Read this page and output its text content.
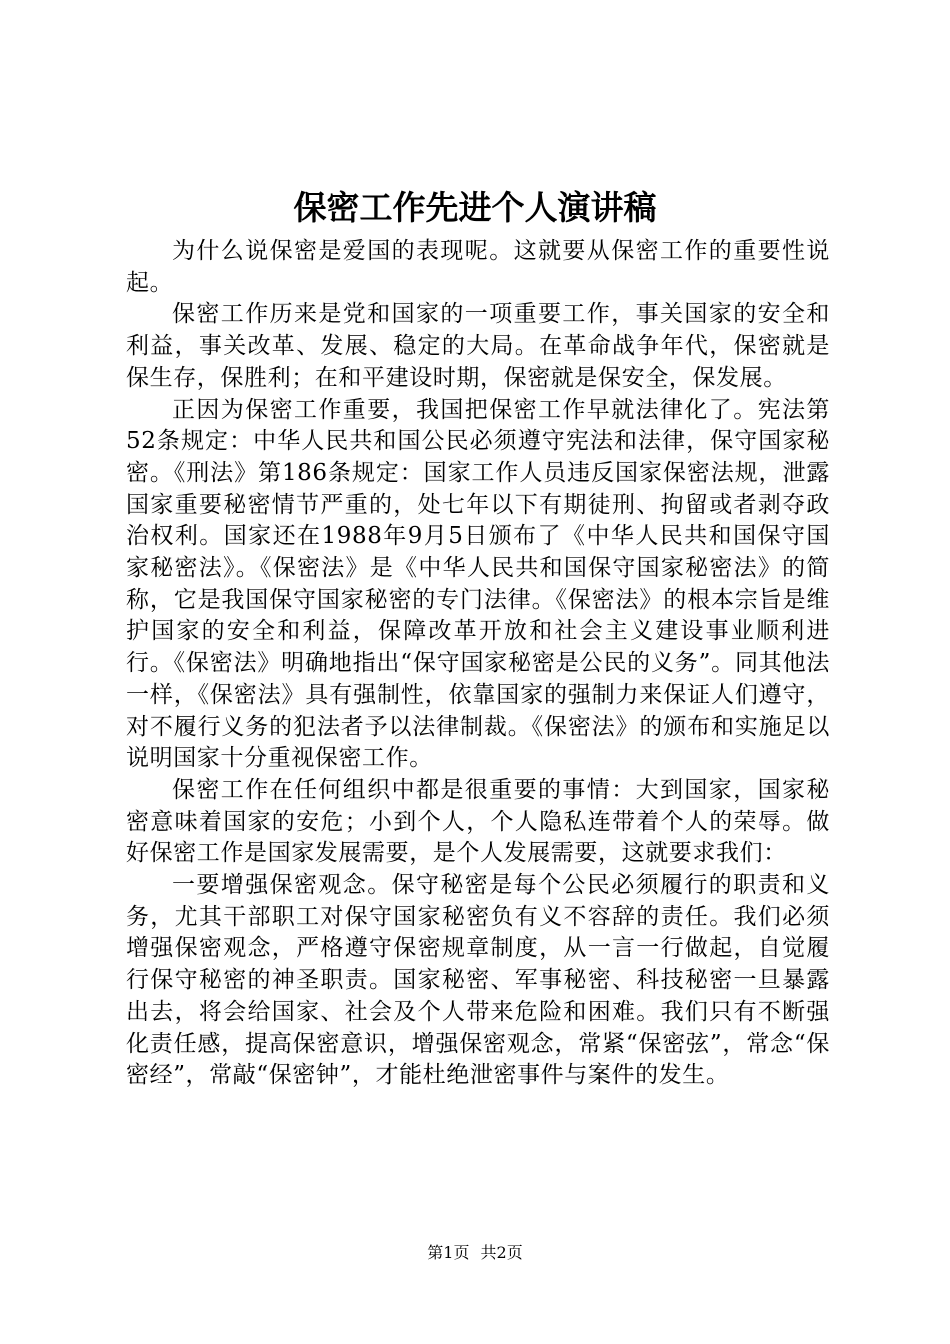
保密工作先进个人演讲稿

为什么说保密是爱国的表现呢。这就要从保密工作的重要性说起。

保密工作历来是党和国家的一项重要工作，事关国家的安全和利益，事关改革、发展、稳定的大局。在革命战争年代，保密就是保生存，保胜利；在和平建设时期，保密就是保安全，保发展。

正因为保密工作重要，我国把保密工作早就法律化了。宪法第52条规定：中华人民共和国公民必须遵守宪法和法律，保守国家秘密。《刑法》第186条规定：国家工作人员违反国家保密法规，泄露国家重要秘密情节严重的，处七年以下有期徒刑、拘留或者剥夺政治权利。国家还在1988年9月5日颁布了《中华人民共和国保守国家秘密法》。《保密法》是《中华人民共和国保守国家秘密法》的简称，它是我国保守国家秘密的专门法律。《保密法》的根本宗旨是维护国家的安全和利益，保障改革开放和社会主义建设事业顺利进行。《保密法》明确地指出“保守国家秘密是公民的义务”。同其他法一样，《保密法》具有强制性，依靠国家的强制力来保证人们遵守，对不履行义务的犯法者予以法律制裁。《保密法》的颁布和实施足以说明国家十分重视保密工作。

保密工作在任何组织中都是很重要的事情：大到国家，国家秘密意味着国家的安危；小到个人，个人隐私连带着个人的荣辱。做好保密工作是国家发展需要，是个人发展需要，这就要求我们：

一要增强保密观念。保守秘密是每个公民必须履行的职责和义务，尤其干部职工对保守国家秘密负有义不容辞的责任。我们必须增强保密观念，严格遵守保密规章制度，从一言一行做起，自觉履行保守秘密的神圣职责。国家秘密、军事秘密、科技秘密一旦暴露出去，将会给国家、社会及个人带来危险和困难。我们只有不断强化责任感，提高保密意识，增强保密观念，常紧“保密弦”，常念“保密经”，常敲“保密钟”，才能杜绝泄密事件与案件的发生。

第1页 共2页
